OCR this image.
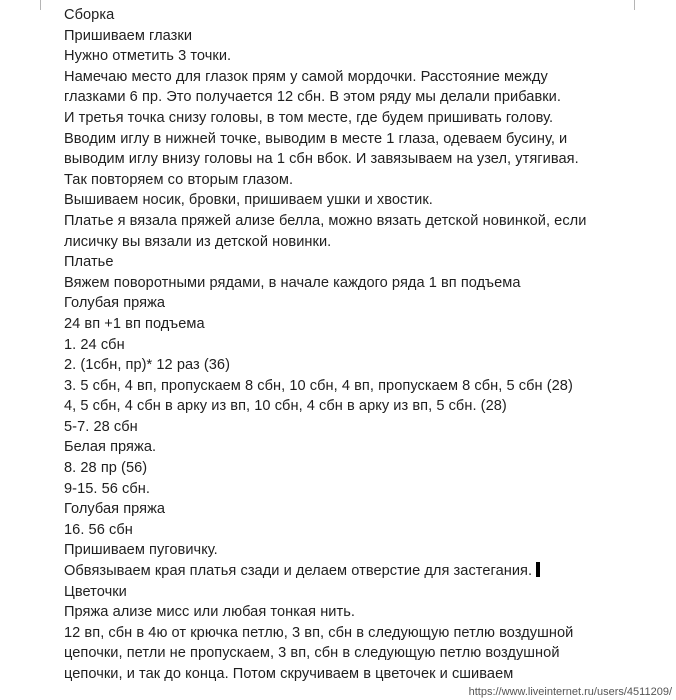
Сборка
Пришиваем глазки
Нужно отметить 3 точки.
Намечаю место для глазок прям у самой мордочки. Расстояние между
глазками 6 пр. Это получается 12 сбн. В этом ряду мы делали прибавки.
И третья точка снизу головы, в том месте, где будем пришивать голову.
Вводим иглу в нижней точке, выводим в месте 1 глаза, одеваем бусину, и
выводим иглу внизу головы на 1 сбн вбок. И завязываем на узел, утягивая.
Так повторяем со вторым глазом.
Вышиваем носик, бровки, пришиваем ушки и хвостик.
Платье я вязала пряжей ализе белла, можно вязать детской новинкой, если
лисичку вы вязали из детской новинки.
Платье
Вяжем поворотными рядами, в начале каждого ряда 1 вп подъема
Голубая пряжа
24 вп +1 вп подъема
1. 24 сбн
2. (1сбн, пр)* 12 раз (36)
3. 5 сбн, 4 вп, пропускаем 8 сбн, 10 сбн, 4 вп, пропускаем 8 сбн, 5 сбн (28)
4, 5 сбн, 4 сбн в арку из вп, 10 сбн, 4 сбн в арку из вп, 5 сбн. (28)
5-7. 28 сбн
Белая пряжа.
8. 28 пр (56)
9-15. 56 сбн.
Голубая пряжа
16. 56 сбн
Пришиваем пуговичку.
Обвязываем края платья сзади и делаем отверстие для застегания.
Цветочки
Пряжа ализе мисс или любая тонкая нить.
12 вп, сбн в 4ю от крючка петлю, 3 вп, сбн в следующую петлю воздушной
цепочки, петли не пропускаем, 3 вп, сбн в следующую петлю воздушной
цепочки, и так до конца. Потом скручиваем в цветочек и сшиваем
https://www.liveinternet.ru/users/4511209/
